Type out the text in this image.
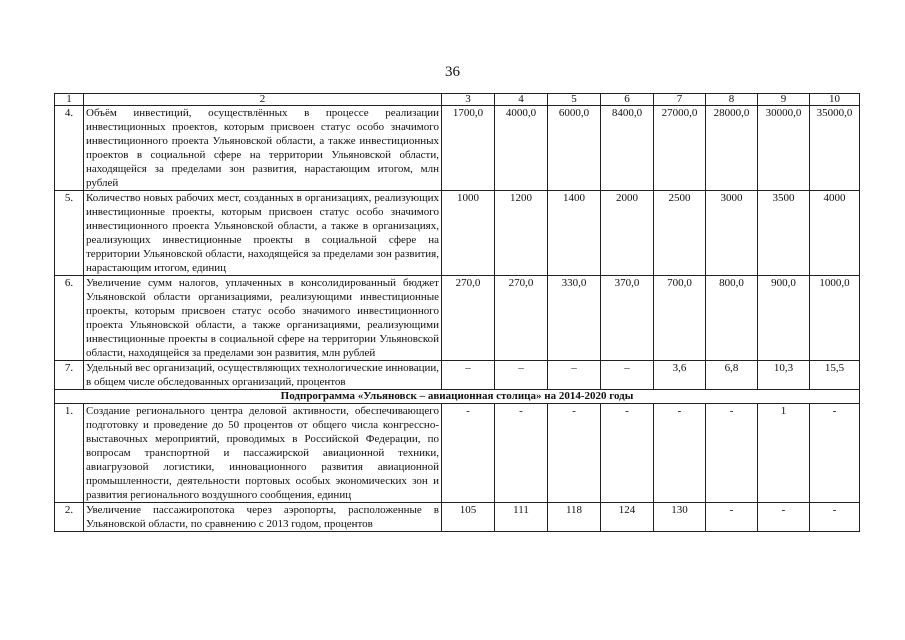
36
1	2	3	4	5	6	7	8	9	10
4.	Объём инвестиций, осуществлённых в процессе реализации инвестиционных проектов, которым присвоен статус особо значимого инвестиционного проекта Ульяновской области, а также инвестиционных проектов в социальной сфере на территории Ульяновской области, находящейся за пределами зон развития, нарастающим итогом, млн рублей	1700,0	4000,0	6000,0	8400,0	27000,0	28000,0	30000,0	35000,0
5.	Количество новых рабочих мест, созданных в организациях, реализующих инвестиционные проекты, которым присвоен статус особо значимого инвестиционного проекта Ульяновской области, а также в организациях, реализующих инвестиционные проекты в социальной сфере на территории Ульяновской области, находящейся за пределами зон развития, нарастающим итогом, единиц	1000	1200	1400	2000	2500	3000	3500	4000
6.	Увеличение сумм налогов, уплаченных в консолидированный бюджет Ульяновской области организациями, реализующими инвестиционные проекты, которым присвоен статус особо значимого инвестиционного проекта Ульяновской области, а также организациями, реализующими инвестиционные проекты в социальной сфере на территории Ульяновской области, находящейся за пределами зон развития, млн рублей	270,0	270,0	330,0	370,0	700,0	800,0	900,0	1000,0
7.	Удельный вес организаций, осуществляющих технологические инновации, в общем числе обследованных организаций, процентов	–	–	–	–	3,6	6,8	10,3	15,5
Подпрограмма «Ульяновск – авиационная столица» на 2014-2020 годы									
1.	Создание регионального центра деловой активности, обеспечивающего подготовку и проведение до 50 процентов от общего числа конгрессно-выставочных мероприятий, проводимых в Российской Федерации, по вопросам транспортной и пассажирской авиационной техники, авиагрузовой логистики, инновационного развития авиационной промышленности, деятельности портовых особых экономических зон и развития регионального воздушного сообщения, единиц	-	-	-	-	-	-	1	-
2.	Увеличение пассажиропотока через аэропорты, расположенные в Ульяновской области, по сравнению с 2013 годом, процентов	105	111	118	124	130	-	-	-
